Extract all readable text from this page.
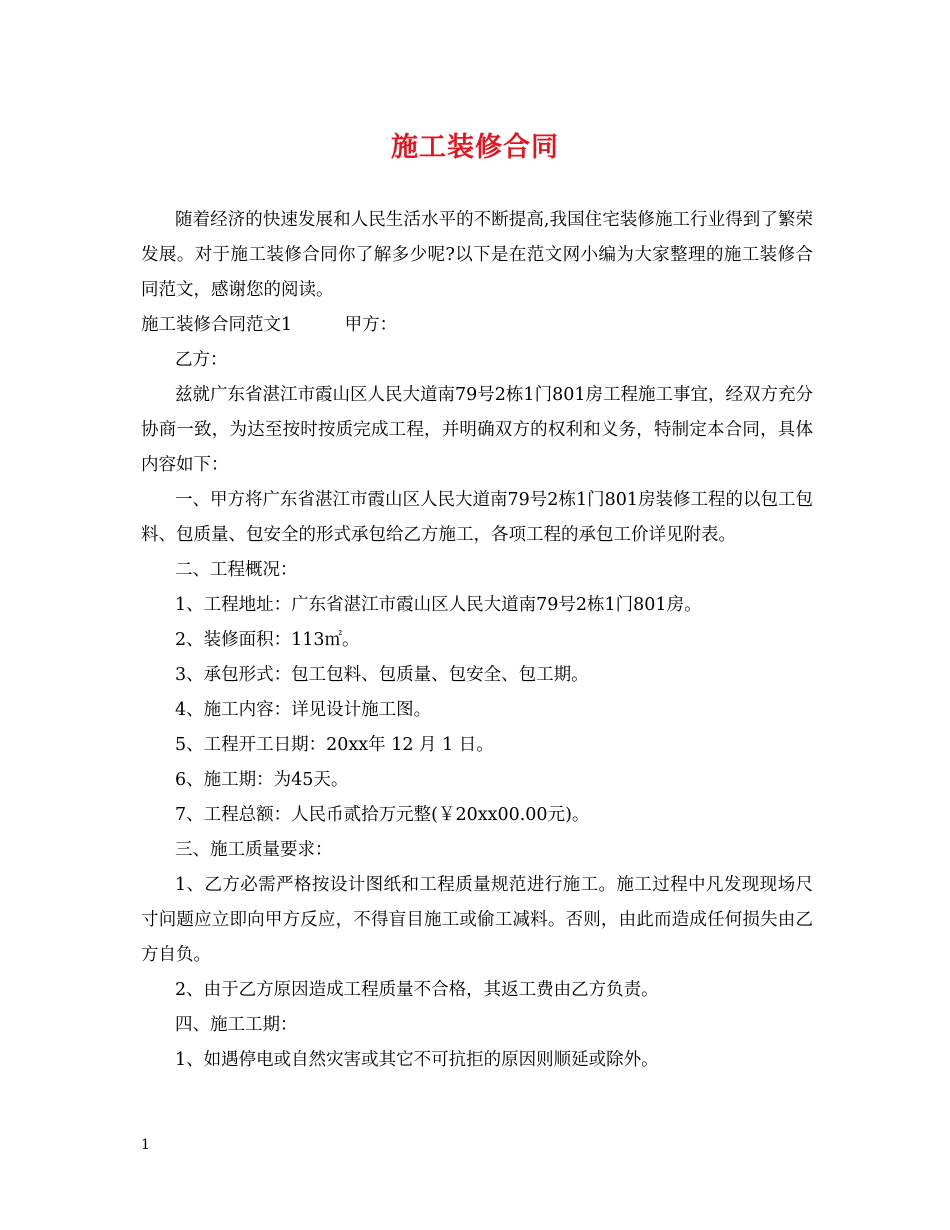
施工装修合同

随着经济的快速发展和人民生活水平的不断提高,我国住宅装修施工行业得到了繁荣发展。对于施工装修合同你了解多少呢?以下是在范文网小编为大家整理的施工装修合同范文，感谢您的阅读。

施工装修合同范文1　　　甲方：

乙方：

兹就广东省湛江市霞山区人民大道南79号2栋1门801房工程施工事宜，经双方充分协商一致，为达至按时按质完成工程，并明确双方的权利和义务，特制定本合同，具体内容如下：

一、甲方将广东省湛江市霞山区人民大道南79号2栋1门801房装修工程的以包工包料、包质量、包安全的形式承包给乙方施工，各项工程的承包工价详见附表。

二、工程概况：

1、工程地址：广东省湛江市霞山区人民大道南79号2栋1门801房。

2、装修面积：113㎡。

3、承包形式：包工包料、包质量、包安全、包工期。

4、施工内容：详见设计施工图。

5、工程开工日期：20xx年 12 月 1 日。

6、施工期：为45天。

7、工程总额：人民币贰拾万元整(￥20xx00.00元)。

三、施工质量要求：

1、乙方必需严格按设计图纸和工程质量规范进行施工。施工过程中凡发现现场尺寸问题应立即向甲方反应，不得盲目施工或偷工减料。否则，由此而造成任何损失由乙方自负。

2、由于乙方原因造成工程质量不合格，其返工费由乙方负责。

四、施工工期：

1、如遇停电或自然灾害或其它不可抗拒的原因则顺延或除外。

1
